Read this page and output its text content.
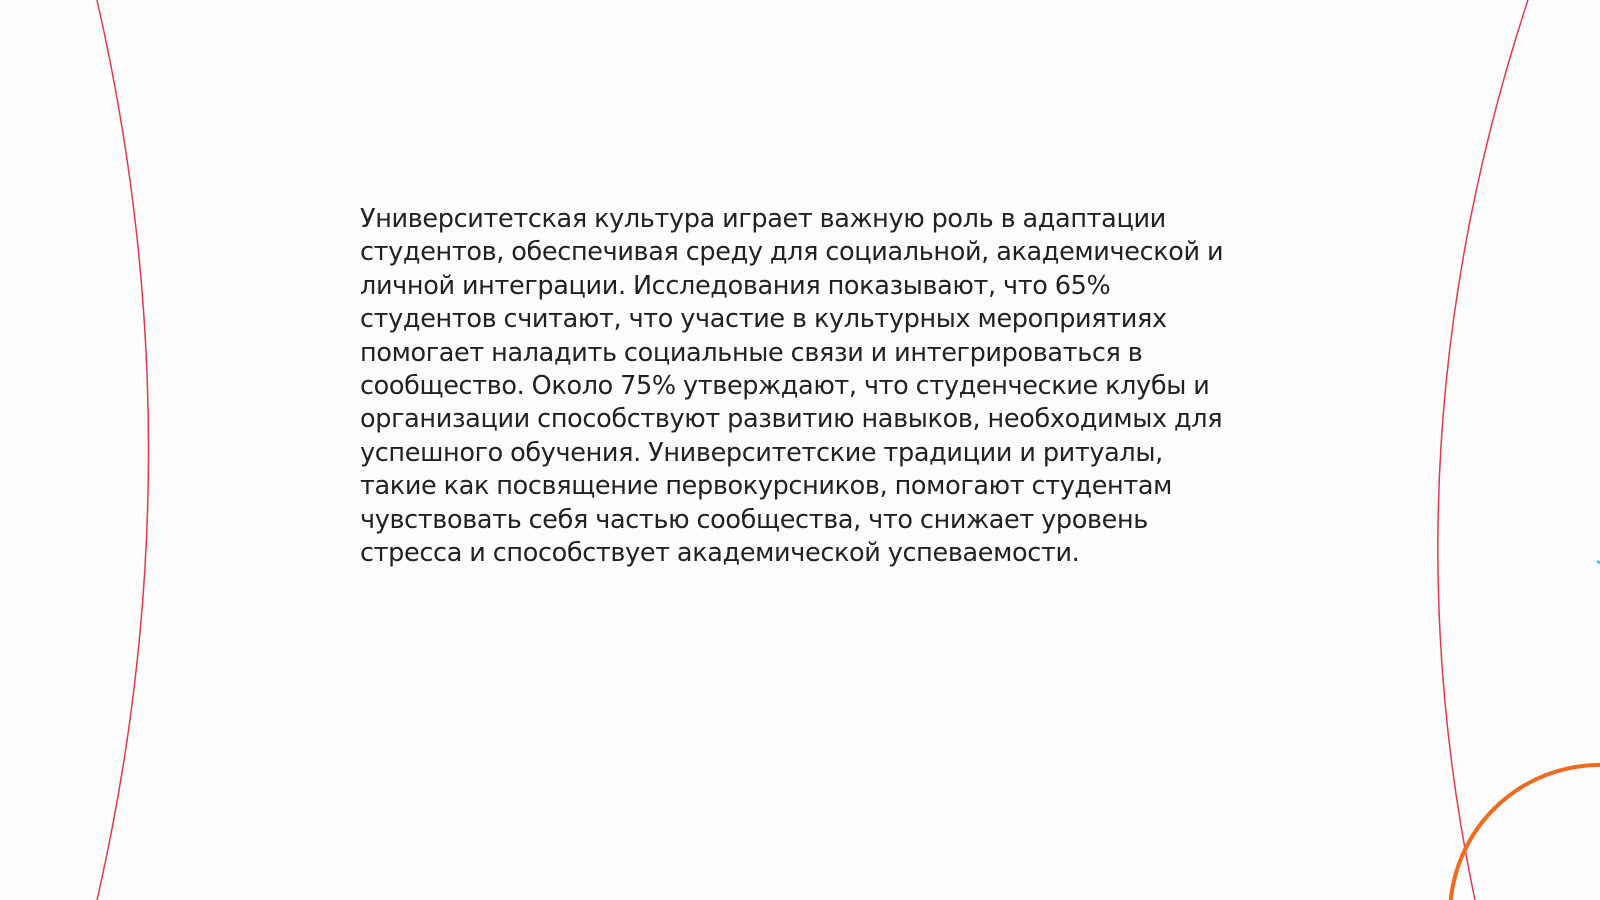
Университетская культура играет важную роль в адаптации студентов, обеспечивая среду для социальной, академической и личной интеграции. Исследования показывают, что 65% студентов считают, что участие в культурных мероприятиях помогает наладить социальные связи и интегрироваться в сообщество. Около 75% утверждают, что студенческие клубы и организации способствуют развитию навыков, необходимых для успешного обучения. Университетские традиции и ритуалы, такие как посвящение первокурсников, помогают студентам чувствовать себя частью сообщества, что снижает уровень стресса и способствует академической успеваемости.
